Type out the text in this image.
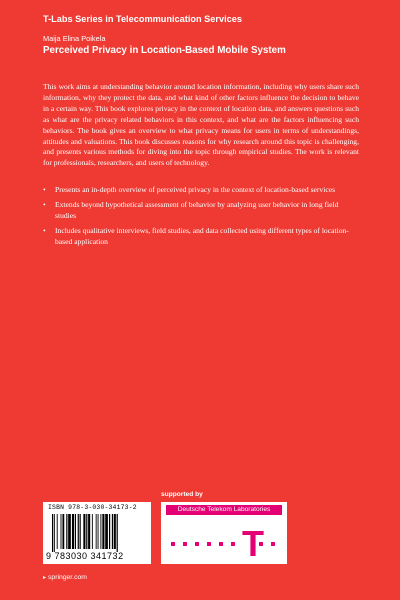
T-Labs Series in Telecommunication Services
Maija Elina Poikela
Perceived Privacy in Location-Based Mobile System

This work aims at understanding behavior around location information, including why users share such information, why they protect the data, and what kind of other factors influence the decision to behave in a certain way. This book explores privacy in the context of location data, and answers questions such as what are the privacy related behaviors in this context, and what are the factors influencing such behaviors. The book gives an overview to what privacy means for users in terms of understandings, attitudes and valuations. This book discusses reasons for why research around this topic is challenging, and presents various methods for diving into the topic through empirical studies. The work is relevant for professionals, researchers, and users of technology.

• Presents an in-depth overview of perceived privacy in the context of location-based services
• Extends beyond hypothetical assessment of behavior by analyzing user behavior in long field studies
• Includes qualitative interviews, field studies, and data collected using different types of location-based application
ISBN 978-3-030-34173-2
9 783030 341732
supported by
Deutsche Telekom Laboratories
T
▸ springer.com
